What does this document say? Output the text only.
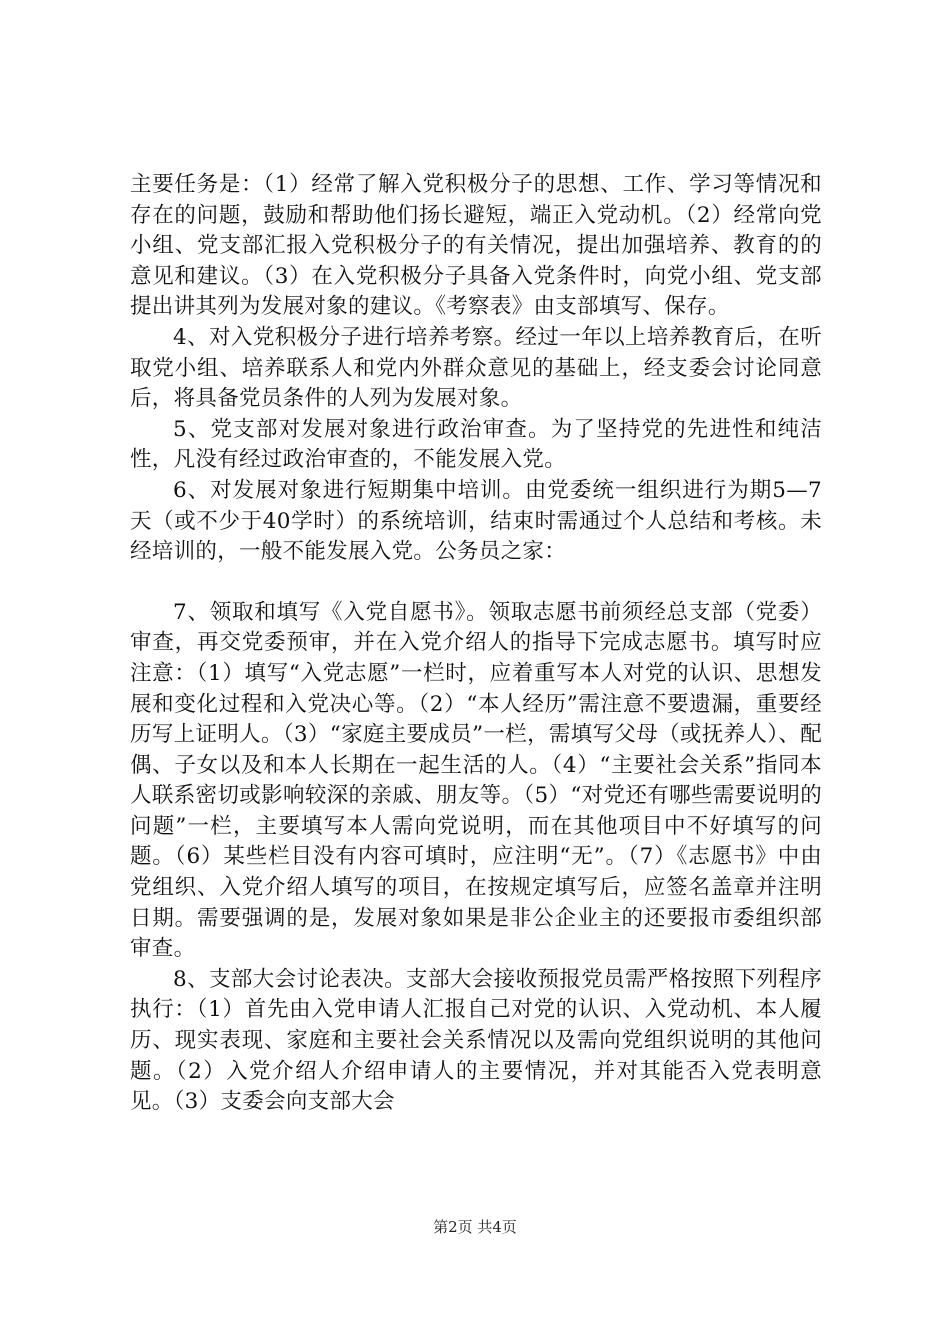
主要任务是：（1）经常了解入党积极分子的思想、工作、学习等情况和存在的问题，鼓励和帮助他们扬长避短，端正入党动机。（2）经常向党小组、党支部汇报入党积极分子的有关情况，提出加强培养、教育的的意见和建议。（3）在入党积极分子具备入党条件时，向党小组、党支部提出讲其列为发展对象的建议。《考察表》由支部填写、保存。

4、对入党积极分子进行培养考察。经过一年以上培养教育后，在听取党小组、培养联系人和党内外群众意见的基础上，经支委会讨论同意后，将具备党员条件的人列为发展对象。

5、党支部对发展对象进行政治审查。为了坚持党的先进性和纯洁性，凡没有经过政治审查的，不能发展入党。

6、对发展对象进行短期集中培训。由党委统一组织进行为期5—7天（或不少于40学时）的系统培训，结束时需通过个人总结和考核。未经培训的，一般不能发展入党。公务员之家：

7、领取和填写《入党自愿书》。领取志愿书前须经总支部（党委）审查，再交党委预审，并在入党介绍人的指导下完成志愿书。填写时应注意：（1）填写“入党志愿”一栏时，应着重写本人对党的认识、思想发展和变化过程和入党决心等。（2）“本人经历”需注意不要遗漏，重要经历写上证明人。（3）“家庭主要成员”一栏，需填写父母（或抚养人）、配偶、子女以及和本人长期在一起生活的人。（4）“主要社会关系”指同本人联系密切或影响较深的亲戚、朋友等。（5）“对党还有哪些需要说明的问题”一栏，主要填写本人需向党说明，而在其他项目中不好填写的问题。（6）某些栏目没有内容可填时，应注明“无”。（7）《志愿书》中由党组织、入党介绍人填写的项目，在按规定填写后，应签名盖章并注明日期。需要强调的是，发展对象如果是非公企业主的还要报市委组织部审查。

8、支部大会讨论表决。支部大会接收预报党员需严格按照下列程序执行：（1）首先由入党申请人汇报自己对党的认识、入党动机、本人履历、现实表现、家庭和主要社会关系情况以及需向党组织说明的其他问题。（2）入党介绍人介绍申请人的主要情况，并对其能否入党表明意见。（3）支委会向支部大会

第2页 共4页
